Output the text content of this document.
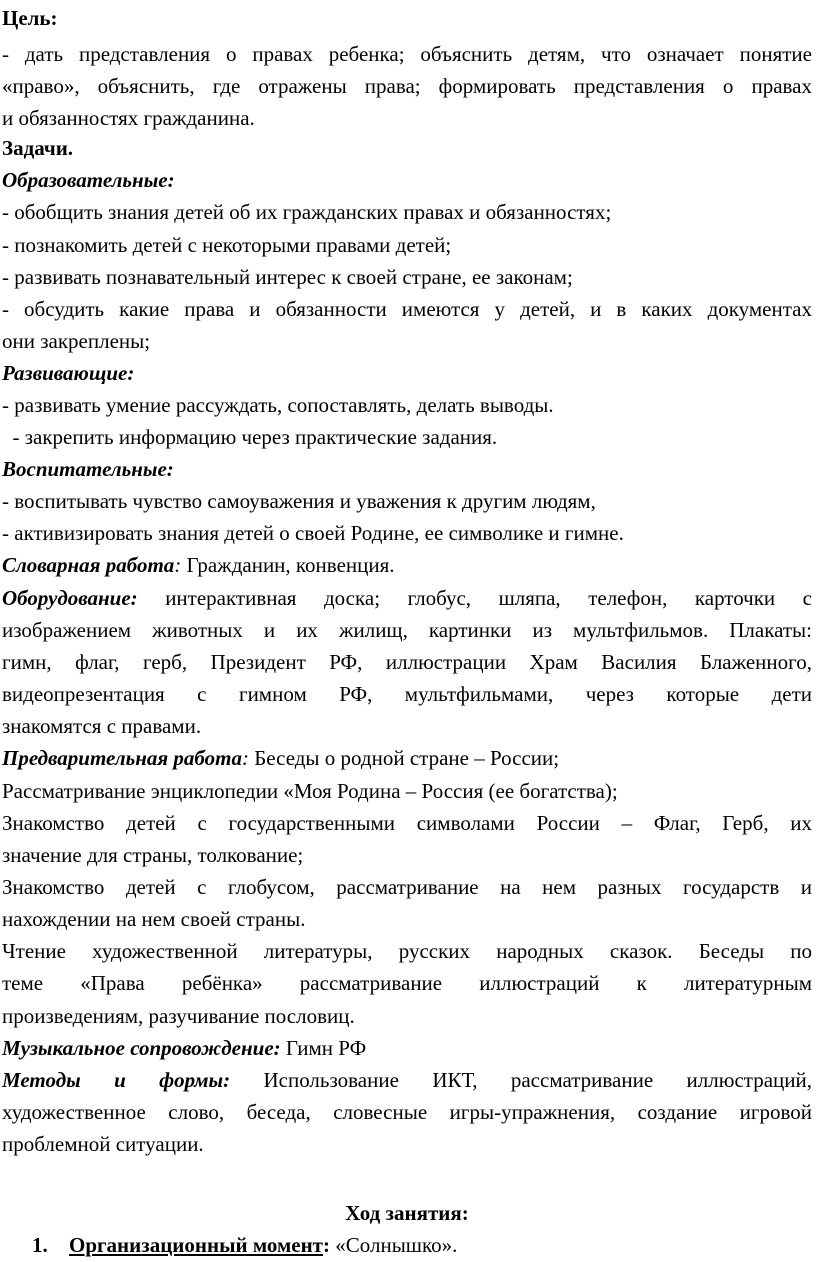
Цель:
- дать представления о правах ребенка; объяснить детям, что означает понятие
«право», объяснить, где отражены права; формировать представления о правах
и обязанностях гражданина.
Задачи.
Образовательные:
- обобщить знания детей об их гражданских правах и обязанностях;
- познакомить детей с некоторыми правами детей;
- развивать познавательный интерес к своей стране, ее законам;
- обсудить какие права и обязанности имеются у детей, и в каких документах
они закреплены;
Развивающие:
- развивать умение рассуждать, сопоставлять, делать выводы.
- закрепить информацию через практические задания.
Воспитательные:
- воспитывать чувство самоуважения и уважения к другим людям,
- активизировать знания детей о своей Родине, ее символике и гимне.
Словарная работа: Гражданин, конвенция.
Оборудование: интерактивная доска; глобус, шляпа, телефон, карточки с
изображением животных и их жилищ, картинки из мультфильмов. Плакаты:
гимн, флаг, герб, Президент РФ, иллюстрации Храм Василия Блаженного,
видеопрезентация с гимном РФ, мультфильмами, через которые дети
знакомятся с правами.
Предварительная работа: Беседы о родной стране – России;
Рассматривание энциклопедии «Моя Родина – Россия (ее богатства);
Знакомство детей с государственными символами России – Флаг, Герб, их
значение для страны, толкование;
Знакомство детей с глобусом, рассматривание на нем разных государств и
нахождении на нем своей страны.
Чтение художественной литературы, русских народных сказок. Беседы по
теме «Права ребёнка» рассматривание иллюстраций к литературным
произведениям, разучивание пословиц.
Музыкальное сопровождение: Гимн РФ
Методы и формы: Использование ИКТ, рассматривание иллюстраций,
художественное слово, беседа, словесные игры-упражнения, создание игровой
проблемной ситуации.
Ход занятия:
1. Организационный момент: «Солнышко».
